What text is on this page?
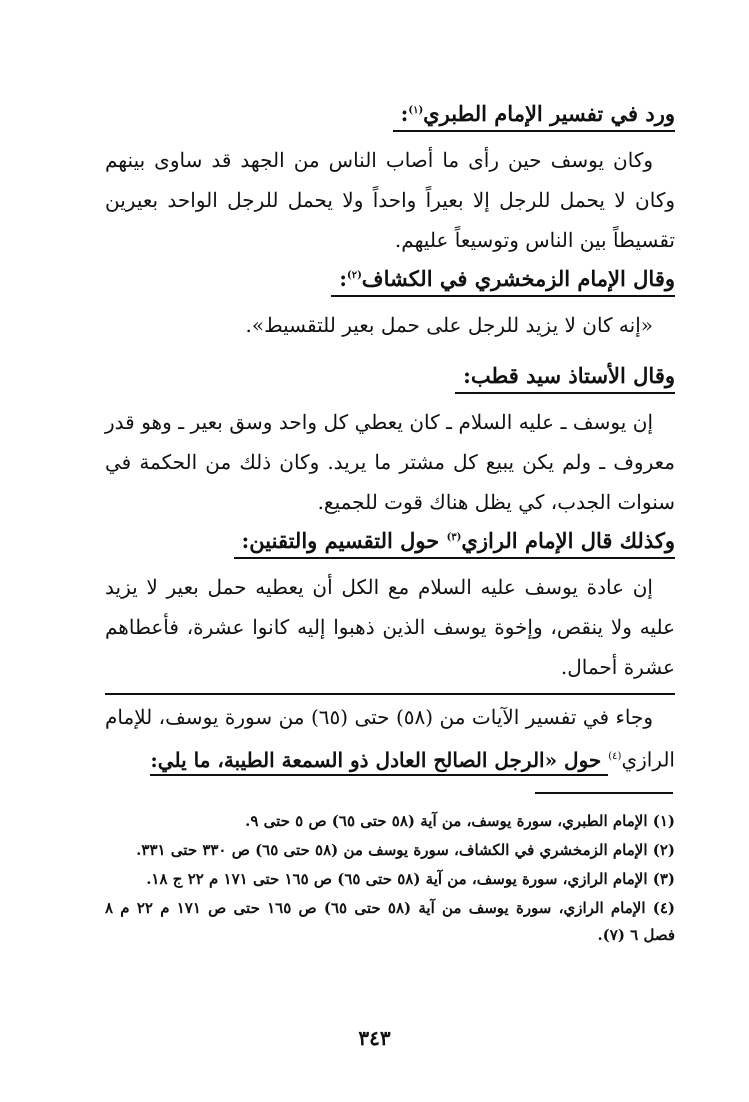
ورد في تفسير الإمام الطبري$^{(١)}$:

وكان يوسف حين رأى ما أصاب الناس من الجهد قد ساوى بينهم وكان لا يحمل للرجل إلا بعيراً واحداً ولا يحمل للرجل الواحد بعيرين تقسيطاً بين الناس وتوسيعاً عليهم.

وقال الإمام الزمخشري في الكشاف$^{(٢)}$:

«إنه كان لا يزيد للرجل على حمل بعير للتقسيط».

وقال الأستاذ سيد قطب:

إن يوسف ـ عليه السلام ـ كان يعطي كل واحد وسق بعير ـ وهو قدر معروف ـ ولم يكن يبيع كل مشتر ما يريد. وكان ذلك من الحكمة في سنوات الجدب، كي يظل هناك قوت للجميع.

وكذلك قال الإمام الرازي$^{(٣)}$ حول التقسيم والتقنين:

إن عادة يوسف عليه السلام مع الكل أن يعطيه حمل بعير لا يزيد عليه ولا ينقص، وإخوة يوسف الذين ذهبوا إليه كانوا عشرة، فأعطاهم عشرة أحمال.

وجاء في تفسير الآيات من (٥٨) حتى (٦٥) من سورة يوسف، للإمام الرازي$^{(٤)}$ حول «الرجل الصالح العادل ذو السمعة الطيبة، ما يلي:

(١) الإمام الطبري، سورة يوسف، من آية (٥٨ حتى ٦٥) ص ٥ حتى ٩.

(٢) الإمام الزمخشري في الكشاف، سورة يوسف من (٥٨ حتى ٦٥) ص ٣٣٠ حتى ٣٣١.

(٣) الإمام الرازي، سورة يوسف، من آية (٥٨ حتى ٦٥) ص ١٦٥ حتى ١٧١ م ٢٢ ج ١٨.

(٤) الإمام الرازي، سورة يوسف من آية (٥٨ حتى ٦٥) ص ١٦٥ حتى ص ١٧١ م ٢٢ م ٨ فصل ٦ (٧).

٣٤٣
